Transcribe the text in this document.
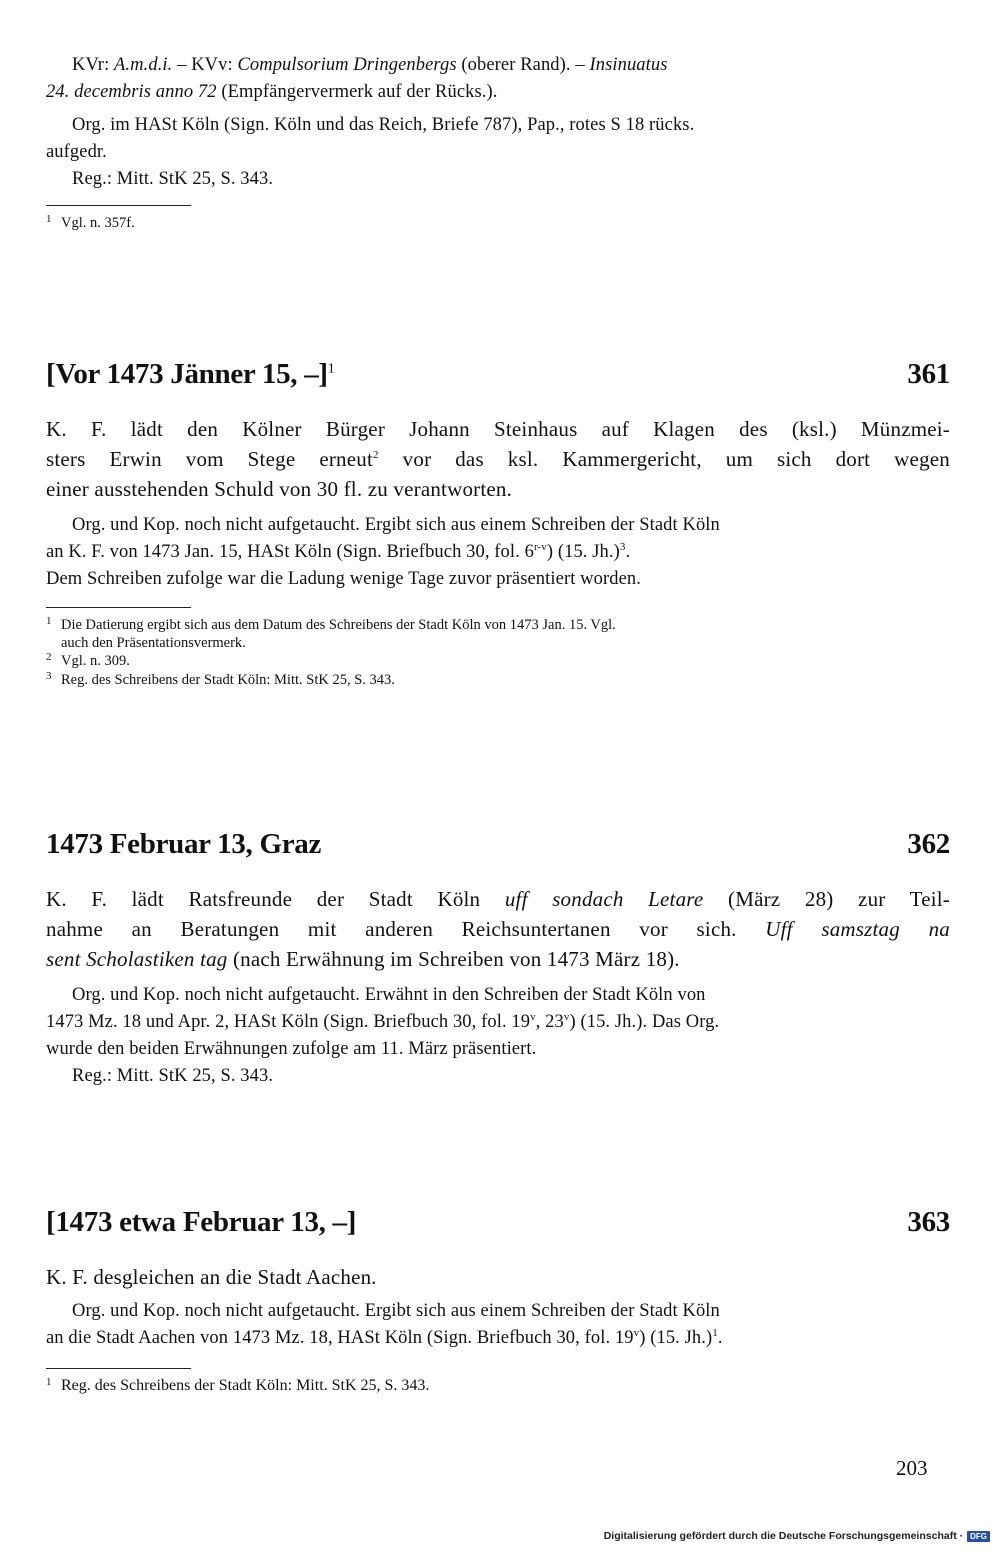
KVr: A.m.d.i. – KVv: Compulsorium Dringenbergs (oberer Rand). – Insinuatus

24. decembris anno 72 (Empfängervermerk auf der Rücks.).

Org. im HASt Köln (Sign. Köln und das Reich, Briefe 787), Pap., rotes S 18 rücks.

aufgedr.

Reg.: Mitt. StK 25, S. 343.

1 Vgl. n. 357f.
[Vor 1473 Jänner 15, –]$^1$	361
K. F. lädt den Kölner Bürger Johann Steinhaus auf Klagen des (ksl.) Münzmei-
sters Erwin vom Stege erneut$^2$ vor das ksl. Kammergericht, um sich dort wegen
einer ausstehenden Schuld von 30 fl. zu verantworten.
Org. und Kop. noch nicht aufgetaucht. Ergibt sich aus einem Schreiben der Stadt Köln
an K. F. von 1473 Jan. 15, HASt Köln (Sign. Briefbuch 30, fol. 6$^{r-v}$) (15. Jh.)$^3$.
Dem Schreiben zufolge war die Ladung wenige Tage zuvor präsentiert worden.
1 Die Datierung ergibt sich aus dem Datum des Schreibens der Stadt Köln von 1473 Jan. 15. Vgl.
auch den Präsentationsvermerk.
2 Vgl. n. 309.
3 Reg. des Schreibens der Stadt Köln: Mitt. StK 25, S. 343.
1473 Februar 13, Graz	362
K. F. lädt Ratsfreunde der Stadt Köln uff sondach Letare (März 28) zur Teil-
nahme an Beratungen mit anderen Reichsuntertanen vor sich. Uff samsztag na
sent Scholastiken tag (nach Erwähnung im Schreiben von 1473 März 18).
Org. und Kop. noch nicht aufgetaucht. Erwähnt in den Schreiben der Stadt Köln von
1473 Mz. 18 und Apr. 2, HASt Köln (Sign. Briefbuch 30, fol. 19$^v$, 23$^v$) (15. Jh.). Das Org.
wurde den beiden Erwähnungen zufolge am 11. März präsentiert.
Reg.: Mitt. StK 25, S. 343.
[1473 etwa Februar 13, –]	363
K. F. desgleichen an die Stadt Aachen.
Org. und Kop. noch nicht aufgetaucht. Ergibt sich aus einem Schreiben der Stadt Köln
an die Stadt Aachen von 1473 Mz. 18, HASt Köln (Sign. Briefbuch 30, fol. 19$^v$) (15. Jh.)$^1$.
1 Reg. des Schreibens der Stadt Köln: Mitt. StK 25, S. 343.
203
Digitalisierung gefördert durch die Deutsche Forschungsgemeinschaft · DFG
